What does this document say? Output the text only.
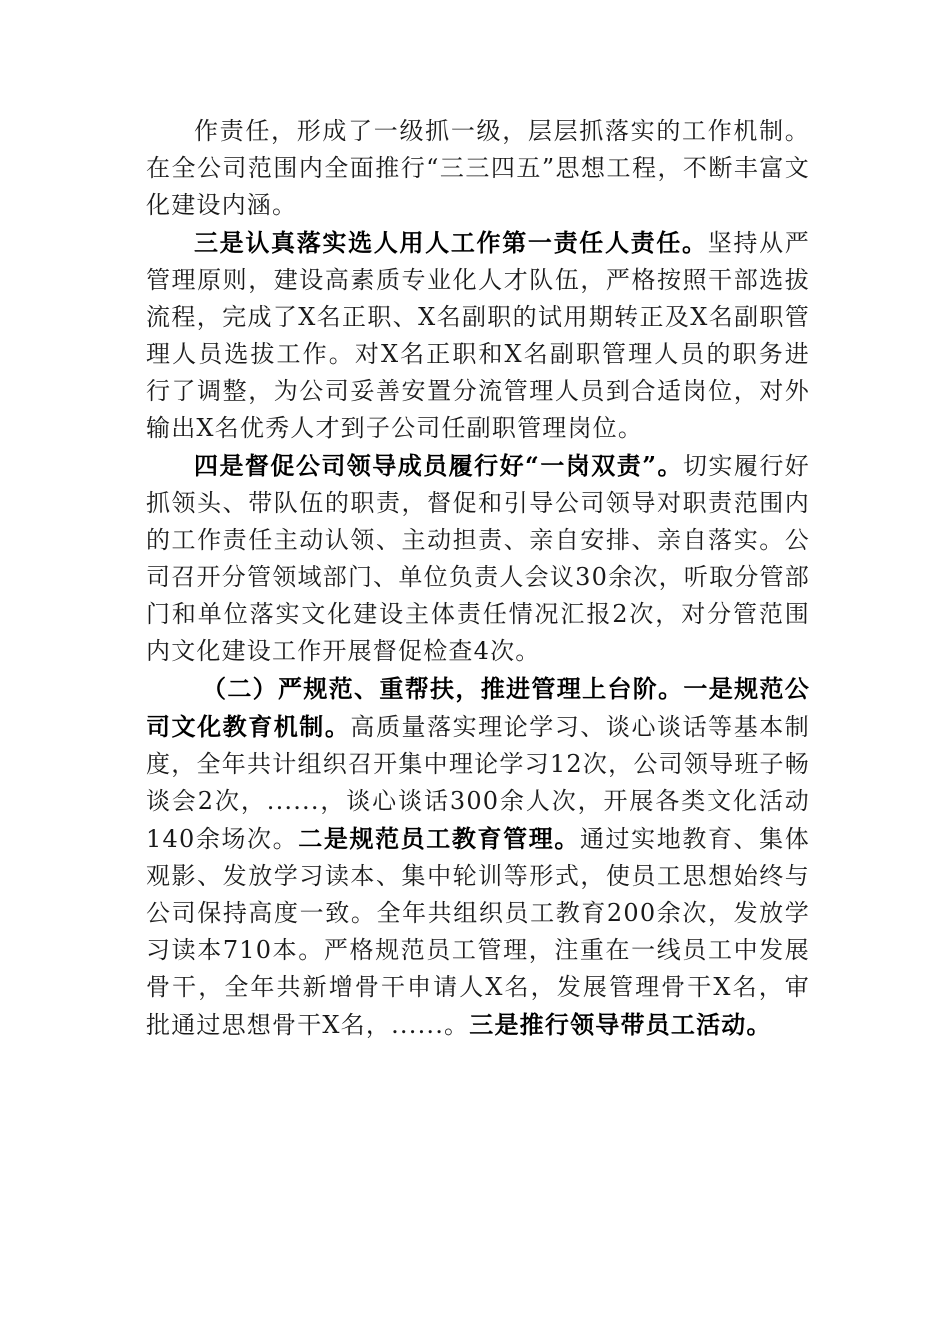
作责任，形成了一级抓一级，层层抓落实的工作机制。在全公司范围内全面推行“三三四五”思想工程，不断丰富文化建设内涵。

三是认真落实选人用人工作第一责任人责任。坚持从严管理原则，建设高素质专业化人才队伍，严格按照干部选拔流程，完成了X名正职、X名副职的试用期转正及X名副职管理人员选拔工作。对X名正职和X名副职管理人员的职务进行了调整，为公司妥善安置分流管理人员到合适岗位，对外输出X名优秀人才到子公司任副职管理岗位。

四是督促公司领导成员履行好“一岗双责”。切实履行好抓领头、带队伍的职责，督促和引导公司领导对职责范围内的工作责任主动认领、主动担责、亲自安排、亲自落实。公司召开分管领域部门、单位负责人会议30余次，听取分管部门和单位落实文化建设主体责任情况汇报2次，对分管范围内文化建设工作开展督促检查4次。

（二）严规范、重帮扶，推进管理上台阶。一是规范公司文化教育机制。高质量落实理论学习、谈心谈话等基本制度，全年共计组织召开集中理论学习12次，公司领导班子畅谈会2次，......，谈心谈话300余人次，开展各类文化活动140余场次。二是规范员工教育管理。通过实地教育、集体观影、发放学习读本、集中轮训等形式，使员工思想始终与公司保持高度一致。全年共组织员工教育200余次，发放学习读本710本。严格规范员工管理，注重在一线员工中发展骨干，全年共新增骨干申请人X名，发展管理骨干X名，审批通过思想骨干X名，......。三是推行领导带员工活动。
